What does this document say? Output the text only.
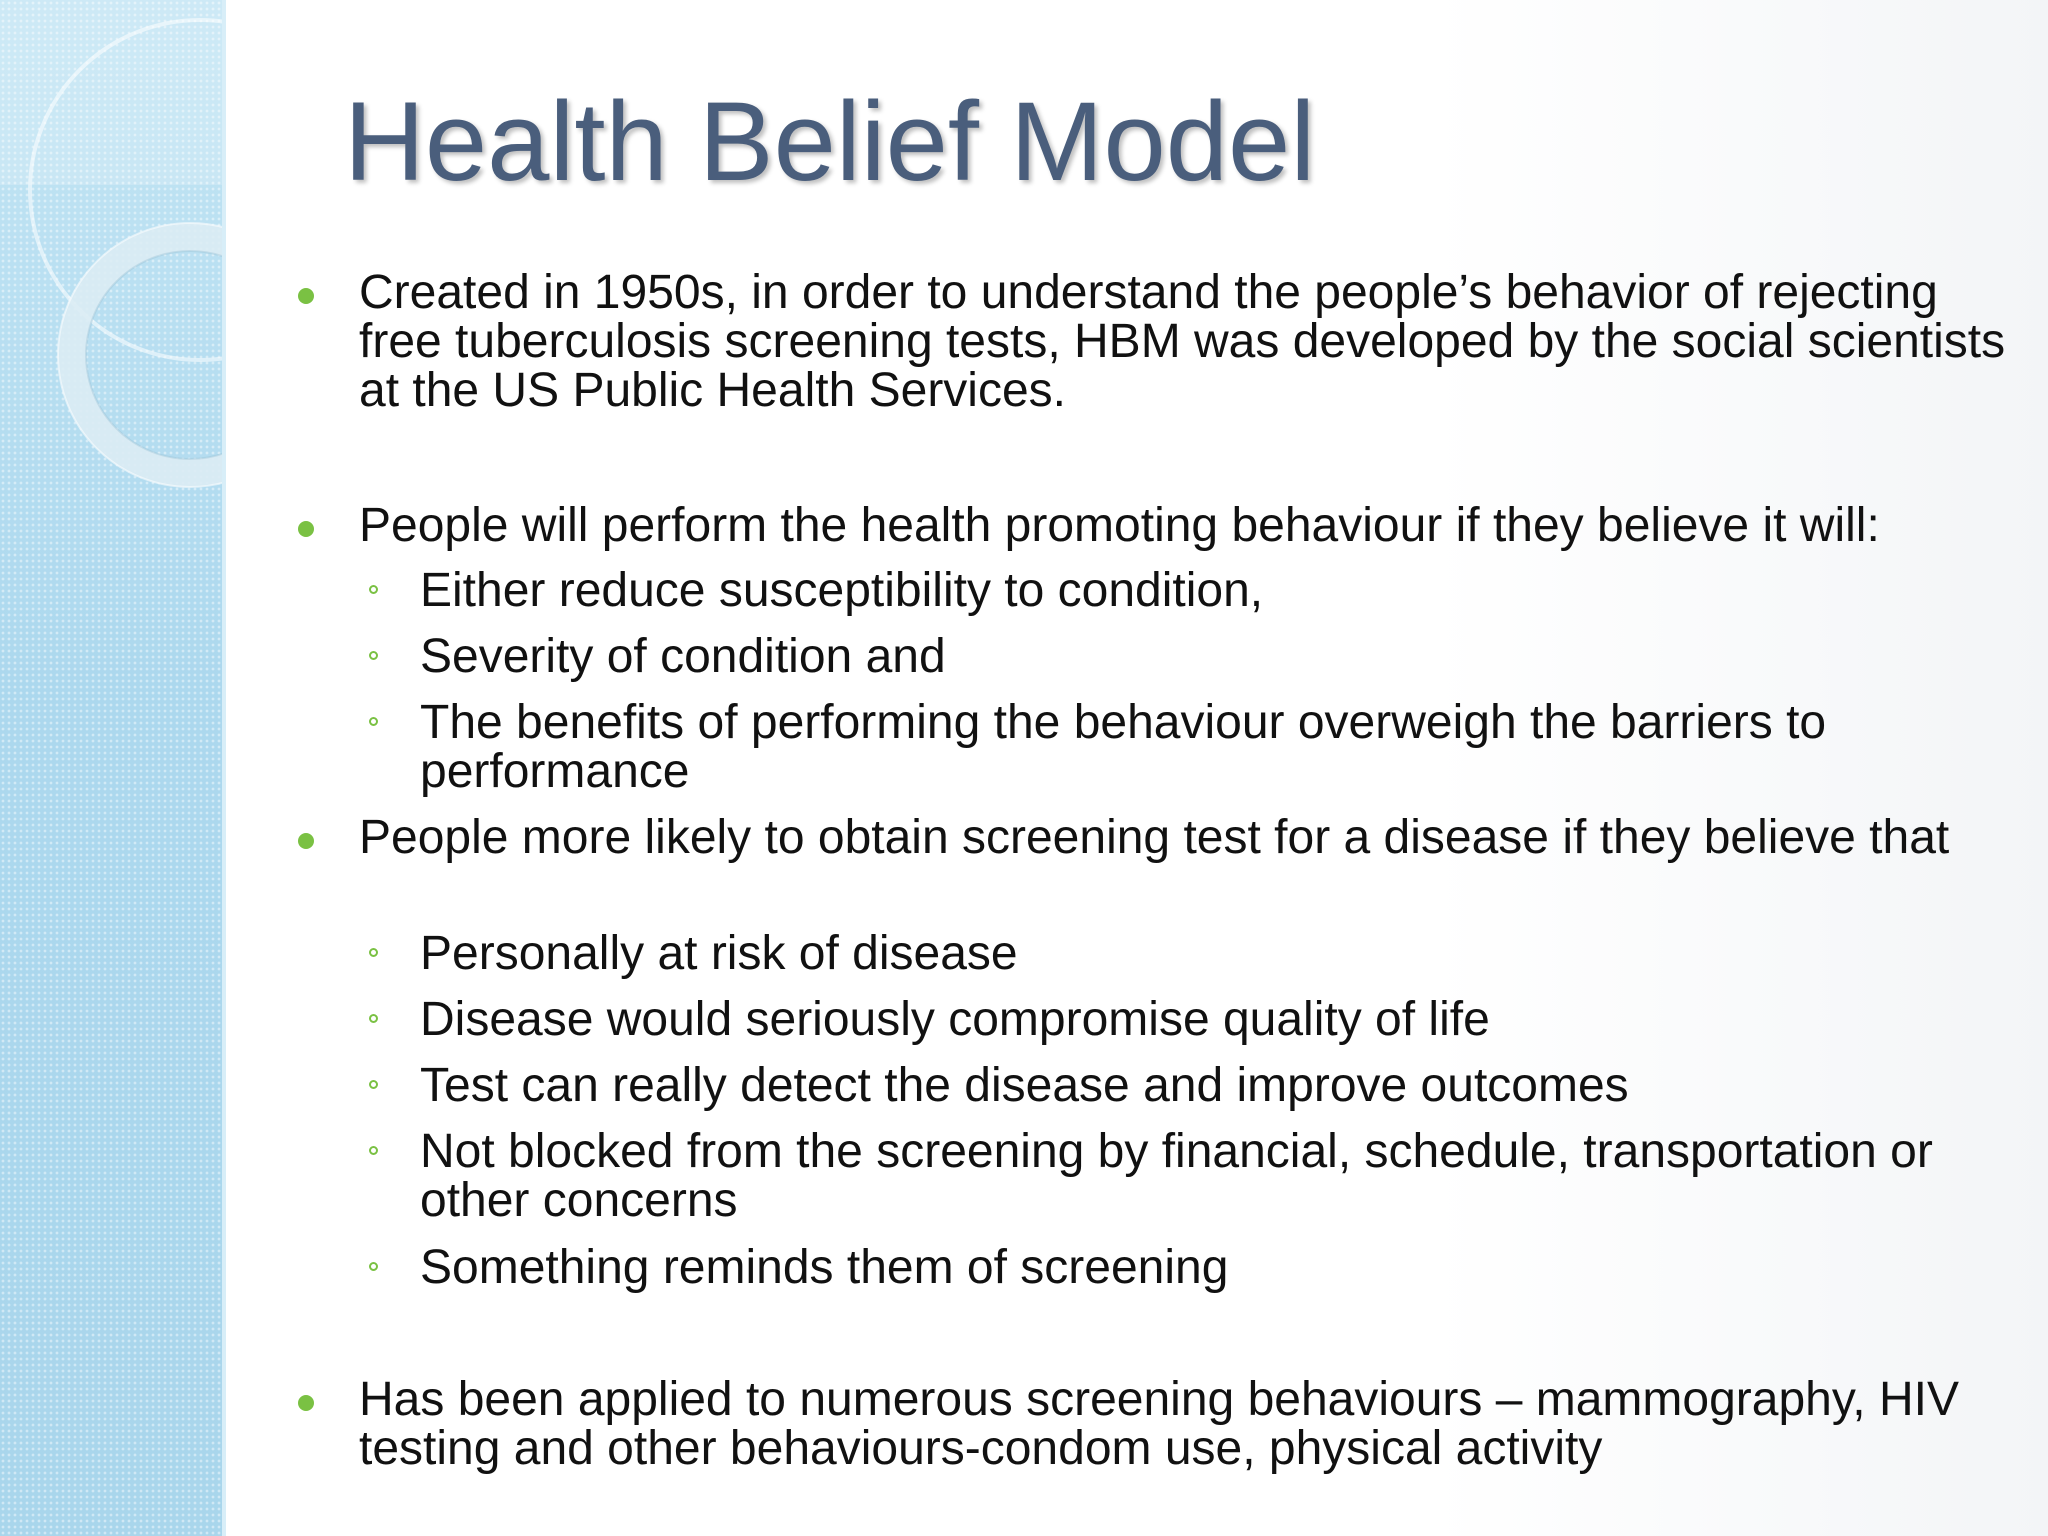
Health Belief Model

Created in 1950s, in order to understand the people’s behavior of rejecting free tuberculosis screening tests, HBM was developed by the social scientists at the US Public Health Services.

People will perform the health promoting behaviour if they believe it will:

Either reduce susceptibility to condition,

Severity of condition and

The benefits of performing the behaviour overweigh the barriers to performance

People more likely to obtain screening test for a disease if they believe that

Personally at risk of disease

Disease would seriously compromise quality of life

Test can really detect the disease and improve outcomes

Not blocked from the screening by financial, schedule, transportation or other concerns

Something reminds them of screening

Has been applied to numerous screening behaviours – mammography, HIV testing and other behaviours-condom use, physical activity
